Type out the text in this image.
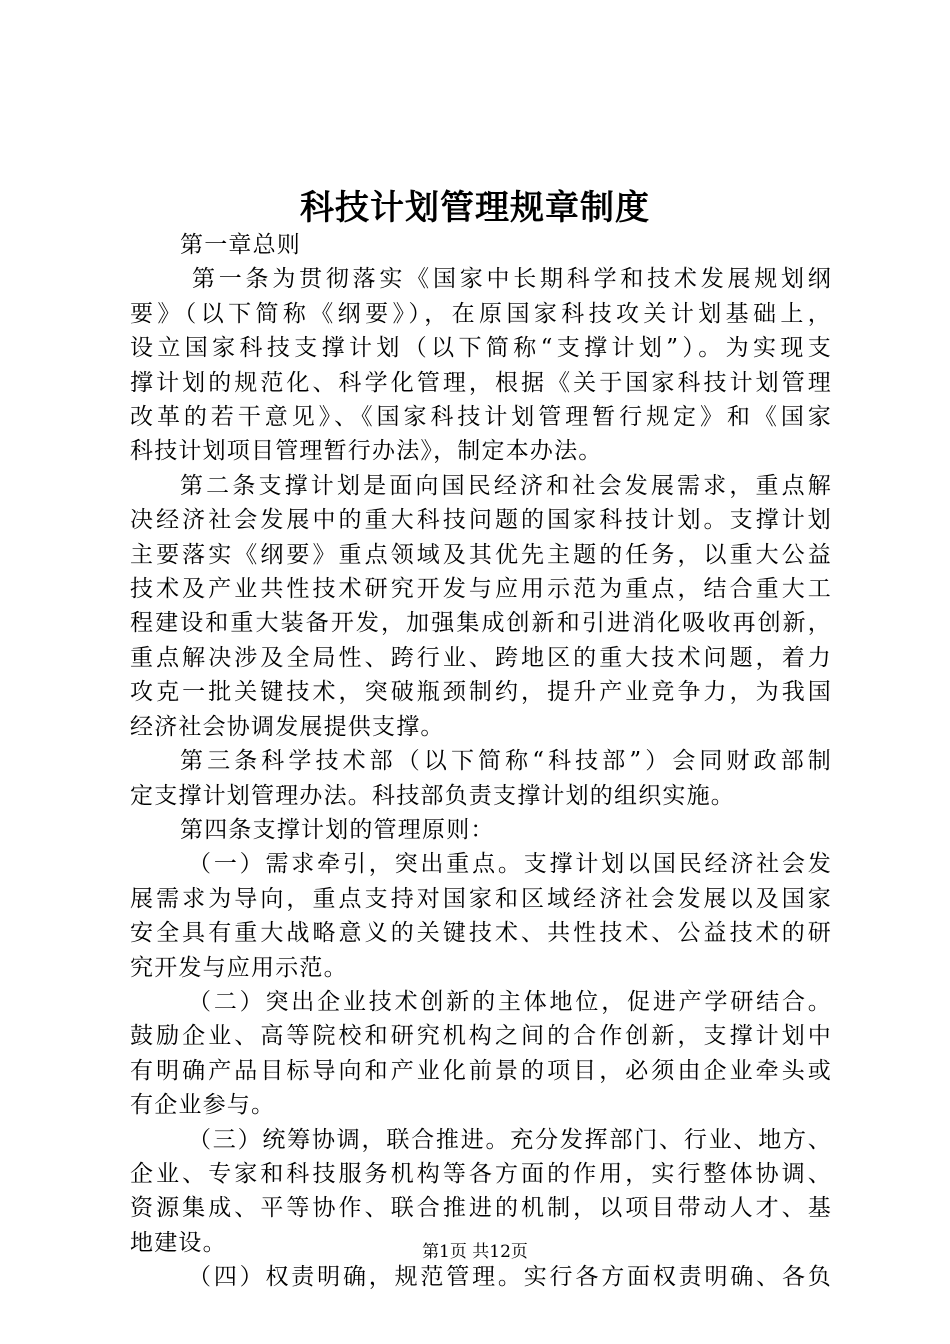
科技计划管理规章制度
第一章总则
第一条为贯彻落实《国家中长期科学和技术发展规划纲
要》（以下简称《纲要》），在原国家科技攻关计划基础上，
设立国家科技支撑计划（以下简称“支撑计划”）。为实现支
撑计划的规范化、科学化管理，根据《关于国家科技计划管理
改革的若干意见》、《国家科技计划管理暂行规定》和《国家
科技计划项目管理暂行办法》，制定本办法。
第二条支撑计划是面向国民经济和社会发展需求，重点解
决经济社会发展中的重大科技问题的国家科技计划。支撑计划
主要落实《纲要》重点领域及其优先主题的任务，以重大公益
技术及产业共性技术研究开发与应用示范为重点，结合重大工
程建设和重大装备开发，加强集成创新和引进消化吸收再创新，
重点解决涉及全局性、跨行业、跨地区的重大技术问题，着力
攻克一批关键技术，突破瓶颈制约，提升产业竞争力，为我国
经济社会协调发展提供支撑。
第三条科学技术部（以下简称“科技部”）会同财政部制
定支撑计划管理办法。科技部负责支撑计划的组织实施。
第四条支撑计划的管理原则：
（一）需求牵引，突出重点。支撑计划以国民经济社会发
展需求为导向，重点支持对国家和区域经济社会发展以及国家
安全具有重大战略意义的关键技术、共性技术、公益技术的研
究开发与应用示范。
（二）突出企业技术创新的主体地位，促进产学研结合。
鼓励企业、高等院校和研究机构之间的合作创新，支撑计划中
有明确产品目标导向和产业化前景的项目，必须由企业牵头或
有企业参与。
（三）统筹协调，联合推进。充分发挥部门、行业、地方、
企业、专家和科技服务机构等各方面的作用，实行整体协调、
资源集成、平等协作、联合推进的机制，以项目带动人才、基
地建设。
（四）权责明确，规范管理。实行各方面权责明确、各负
第1页 共12页
